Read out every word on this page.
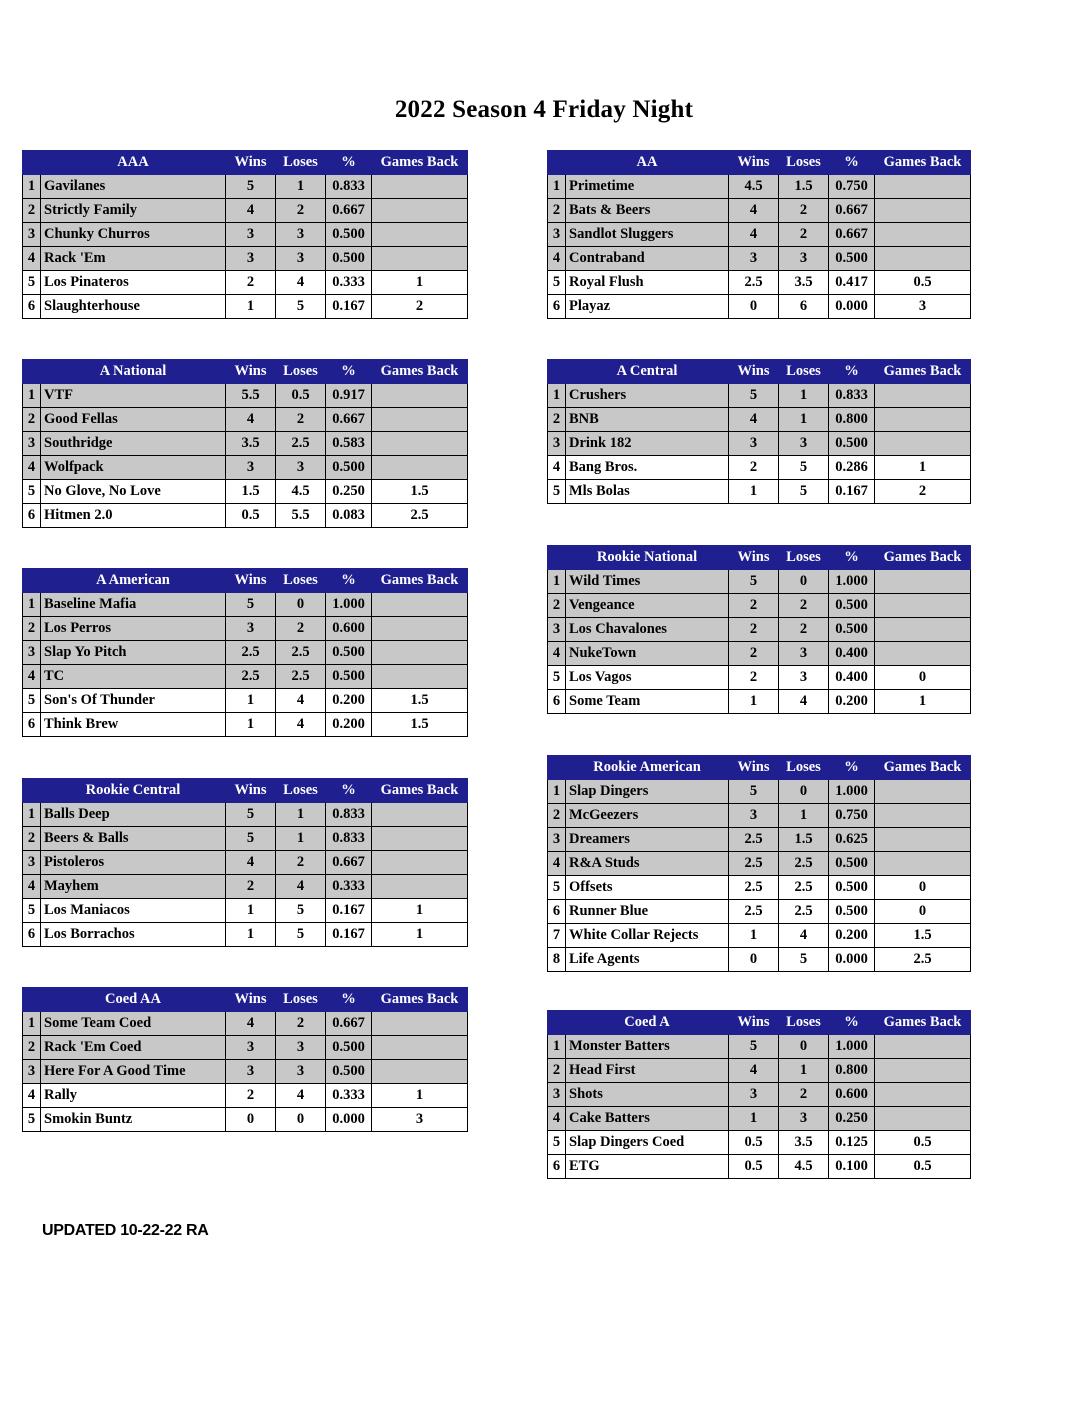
2022 Season 4 Friday Night
	AAA	Wins	Loses	%	Games Back
1	Gavilanes	5	1	0.833	
2	Strictly Family	4	2	0.667	
3	Chunky Churros	3	3	0.500	
4	Rack 'Em	3	3	0.500	
5	Los Pinateros	2	4	0.333	1
6	Slaughterhouse	1	5	0.167	2
	AA	Wins	Loses	%	Games Back
1	Primetime	4.5	1.5	0.750	
2	Bats & Beers	4	2	0.667	
3	Sandlot Sluggers	4	2	0.667	
4	Contraband	3	3	0.500	
5	Royal Flush	2.5	3.5	0.417	0.5
6	Playaz	0	6	0.000	3
	A National	Wins	Loses	%	Games Back
1	VTF	5.5	0.5	0.917	
2	Good Fellas	4	2	0.667	
3	Southridge	3.5	2.5	0.583	
4	Wolfpack	3	3	0.500	
5	No Glove, No Love	1.5	4.5	0.250	1.5
6	Hitmen 2.0	0.5	5.5	0.083	2.5
	A Central	Wins	Loses	%	Games Back
1	Crushers	5	1	0.833	
2	BNB	4	1	0.800	
3	Drink 182	3	3	0.500	
4	Bang Bros.	2	5	0.286	1
5	Mls Bolas	1	5	0.167	2
	A American	Wins	Loses	%	Games Back
1	Baseline Mafia	5	0	1.000	
2	Los Perros	3	2	0.600	
3	Slap Yo Pitch	2.5	2.5	0.500	
4	TC	2.5	2.5	0.500	
5	Son's Of Thunder	1	4	0.200	1.5
6	Think Brew	1	4	0.200	1.5
	Rookie National	Wins	Loses	%	Games Back
1	Wild Times	5	0	1.000	
2	Vengeance	2	2	0.500	
3	Los Chavalones	2	2	0.500	
4	NukeTown	2	3	0.400	
5	Los Vagos	2	3	0.400	0
6	Some Team	1	4	0.200	1
	Rookie Central	Wins	Loses	%	Games Back
1	Balls Deep	5	1	0.833	
2	Beers & Balls	5	1	0.833	
3	Pistoleros	4	2	0.667	
4	Mayhem	2	4	0.333	
5	Los Maniacos	1	5	0.167	1
6	Los Borrachos	1	5	0.167	1
	Rookie American	Wins	Loses	%	Games Back
1	Slap Dingers	5	0	1.000	
2	McGeezers	3	1	0.750	
3	Dreamers	2.5	1.5	0.625	
4	R&A Studs	2.5	2.5	0.500	
5	Offsets	2.5	2.5	0.500	0
6	Runner Blue	2.5	2.5	0.500	0
7	White Collar Rejects	1	4	0.200	1.5
8	Life Agents	0	5	0.000	2.5
	Coed AA	Wins	Loses	%	Games Back
1	Some Team Coed	4	2	0.667	
2	Rack 'Em Coed	3	3	0.500	
3	Here For A Good Time	3	3	0.500	
4	Rally	2	4	0.333	1
5	Smokin Buntz	0	0	0.000	3
	Coed A	Wins	Loses	%	Games Back
1	Monster Batters	5	0	1.000	
2	Head First	4	1	0.800	
3	Shots	3	2	0.600	
4	Cake Batters	1	3	0.250	
5	Slap Dingers Coed	0.5	3.5	0.125	0.5
6	ETG	0.5	4.5	0.100	0.5
UPDATED 10-22-22 RA
